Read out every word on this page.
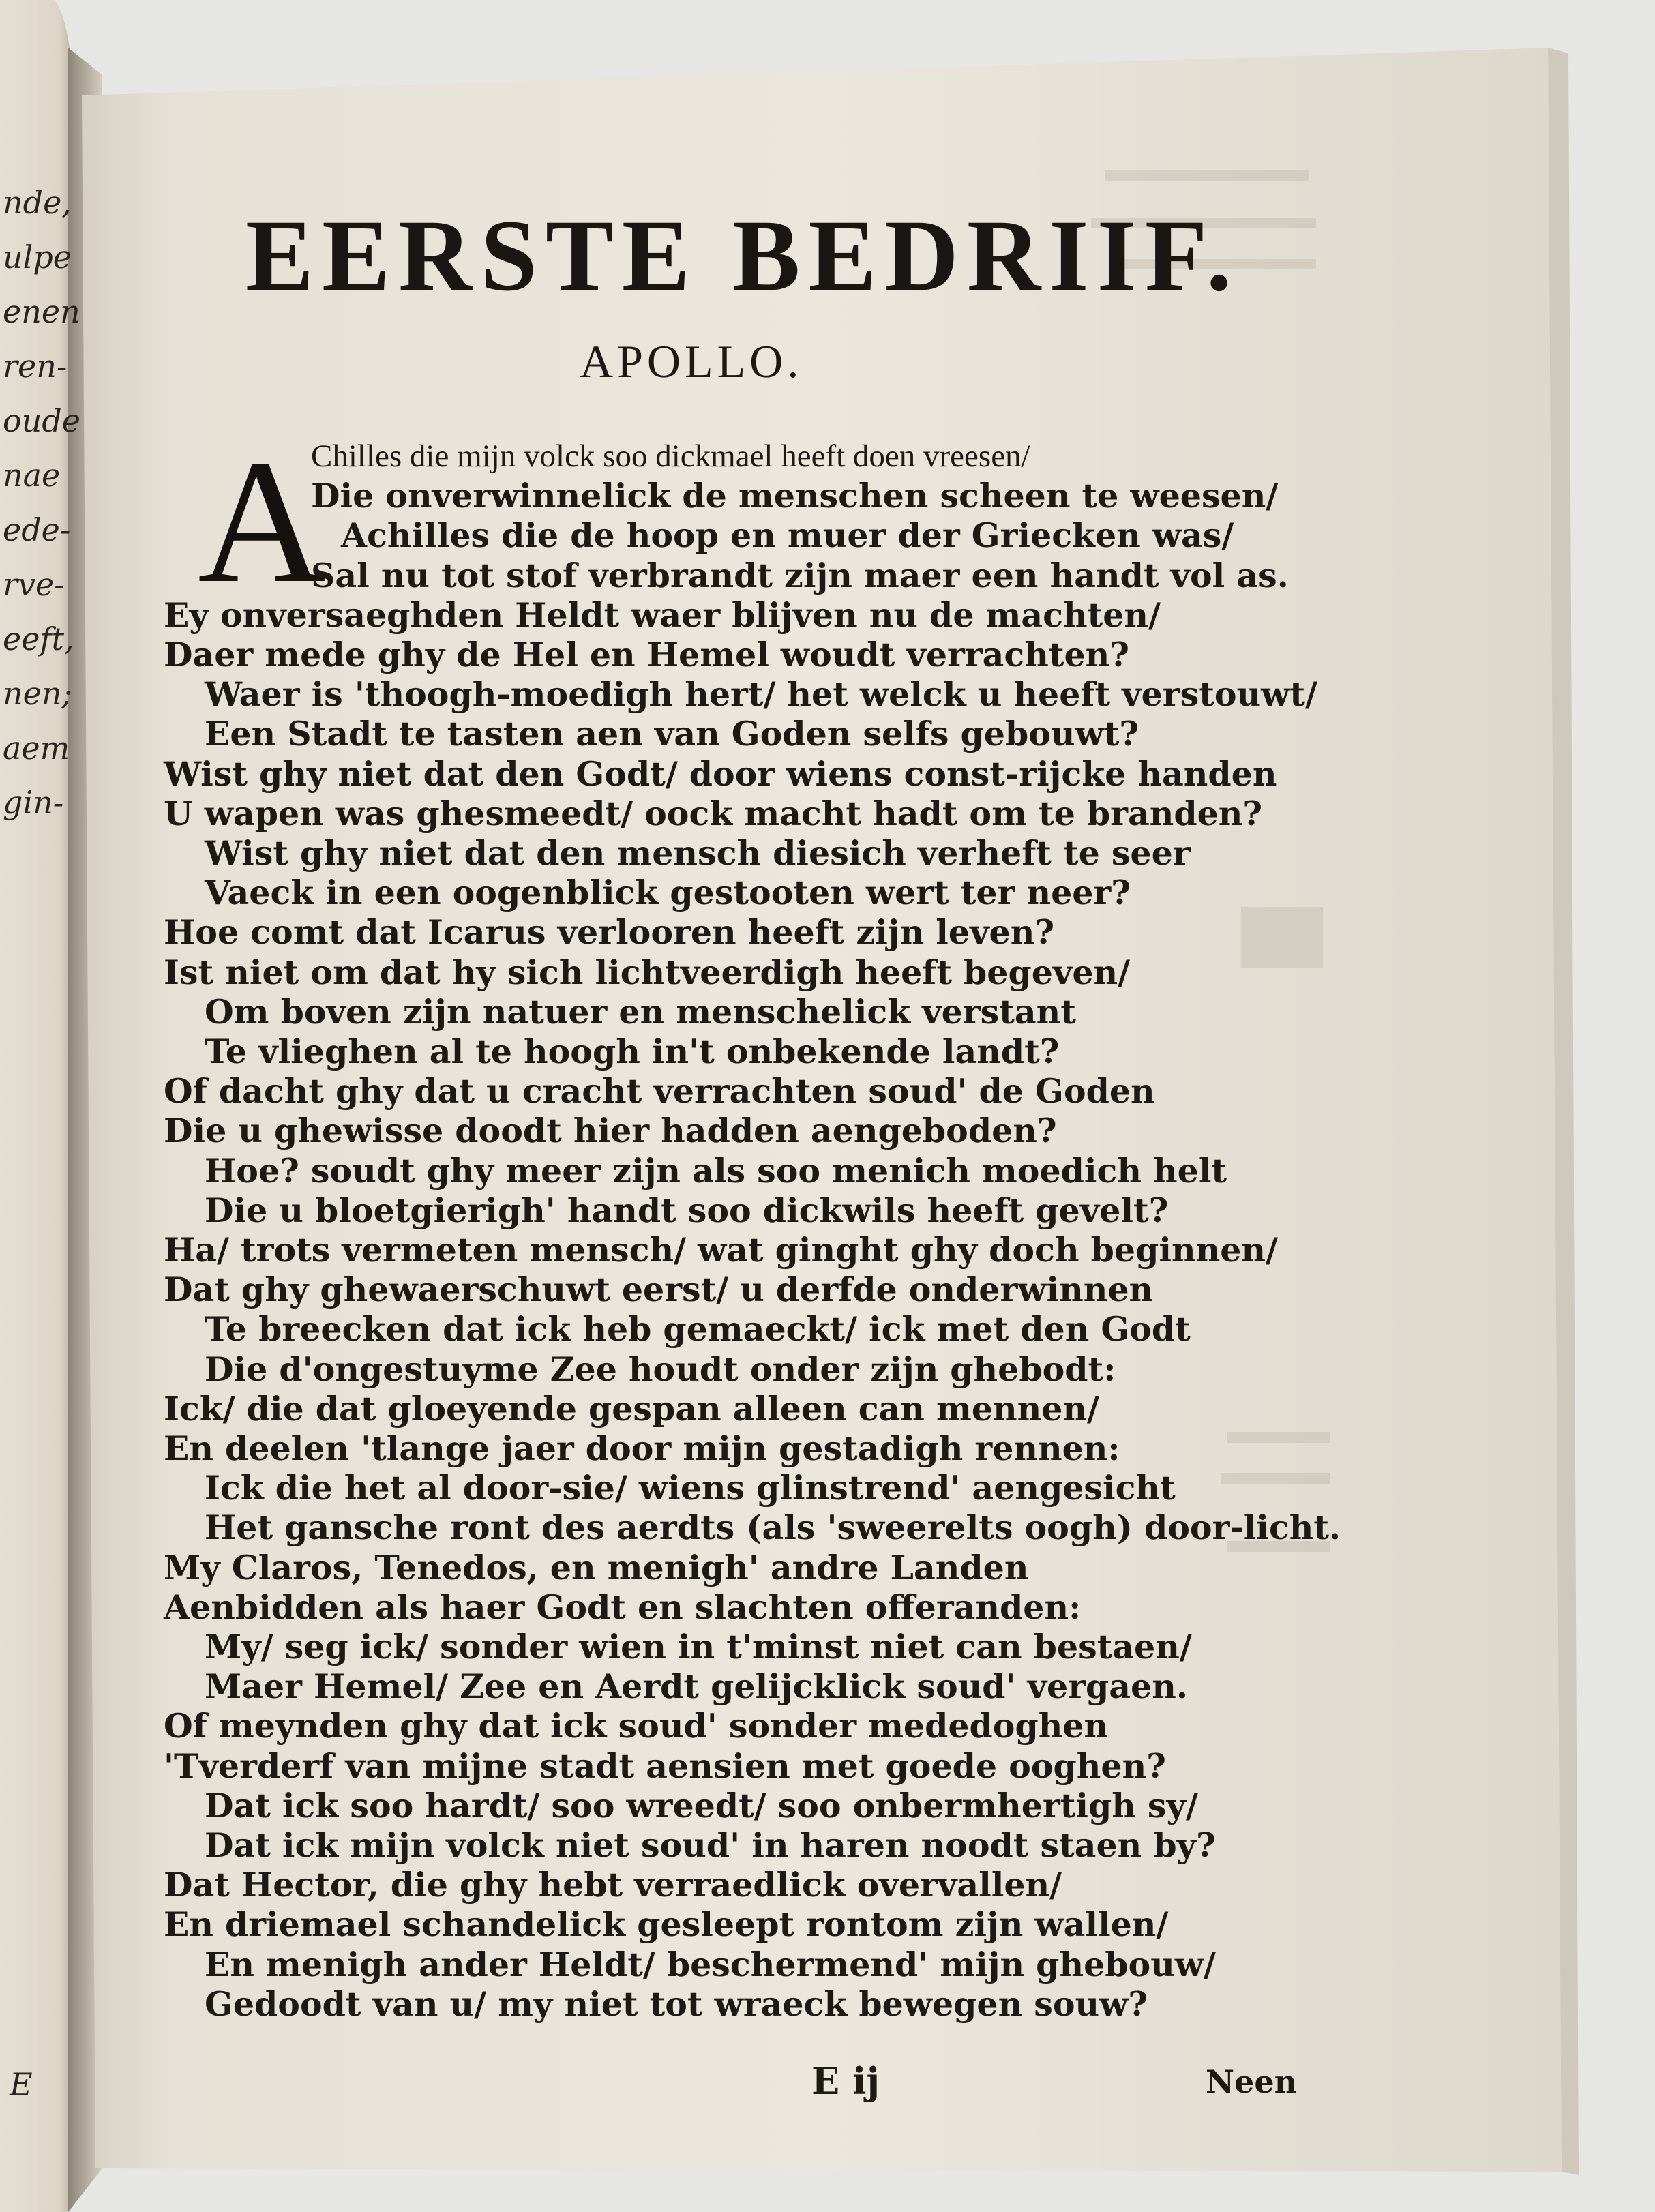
nde,
ulpe
enen
ren-
oude
nae
ede-
rve-
eeft,
nen;
aem
gin-
E
EERSTE BEDRIIF.
APOLLO.
A
Chilles die mijn volck soo dickmael heeft doen vreesen/
Die onverwinnelick de menschen scheen te weesen/
Achilles die de hoop en muer der Griecken was/
Sal nu tot stof verbrandt zijn maer een handt vol as.
Ey onversaeghden Heldt waer blijven nu de machten/
Daer mede ghy de Hel en Hemel woudt verrachten?
Waer is 'thoogh-moedigh hert/ het welck u heeft verstouwt/
Een Stadt te tasten aen van Goden selfs gebouwt?
Wist ghy niet dat den Godt/ door wiens const-rijcke handen
U wapen was ghesmeedt/ oock macht hadt om te branden?
Wist ghy niet dat den mensch diesich verheft te seer
Vaeck in een oogenblick gestooten wert ter neer?
Hoe comt dat Icarus verlooren heeft zijn leven?
Ist niet om dat hy sich lichtveerdigh heeft begeven/
Om boven zijn natuer en menschelick verstant
Te vlieghen al te hoogh in't onbekende landt?
Of dacht ghy dat u cracht verrachten soud' de Goden
Die u ghewisse doodt hier hadden aengeboden?
Hoe? soudt ghy meer zijn als soo menich moedich helt
Die u bloetgierigh' handt soo dickwils heeft gevelt?
Ha/ trots vermeten mensch/ wat ginght ghy doch beginnen/
Dat ghy ghewaerschuwt eerst/ u derfde onderwinnen
Te breecken dat ick heb gemaeckt/ ick met den Godt
Die d'ongestuyme Zee houdt onder zijn ghebodt:
Ick/ die dat gloeyende gespan alleen can mennen/
En deelen 'tlange jaer door mijn gestadigh rennen:
Ick die het al door-sie/ wiens glinstrend' aengesicht
Het gansche ront des aerdts (als 'sweerelts oogh) door-licht.
My Claros, Tenedos, en menigh' andre Landen
Aenbidden als haer Godt en slachten offeranden:
My/ seg ick/ sonder wien in t'minst niet can bestaen/
Maer Hemel/ Zee en Aerdt gelijcklick soud' vergaen.
Of meynden ghy dat ick soud' sonder mededoghen
'Tverderf van mijne stadt aensien met goede ooghen?
Dat ick soo hardt/ soo wreedt/ soo onbermhertigh sy/
Dat ick mijn volck niet soud' in haren noodt staen by?
Dat Hector, die ghy hebt verraedlick overvallen/
En driemael schandelick gesleept rontom zijn wallen/
En menigh ander Heldt/ beschermend' mijn ghebouw/
Gedoodt van u/ my niet tot wraeck bewegen souw?
E ij	Neen
